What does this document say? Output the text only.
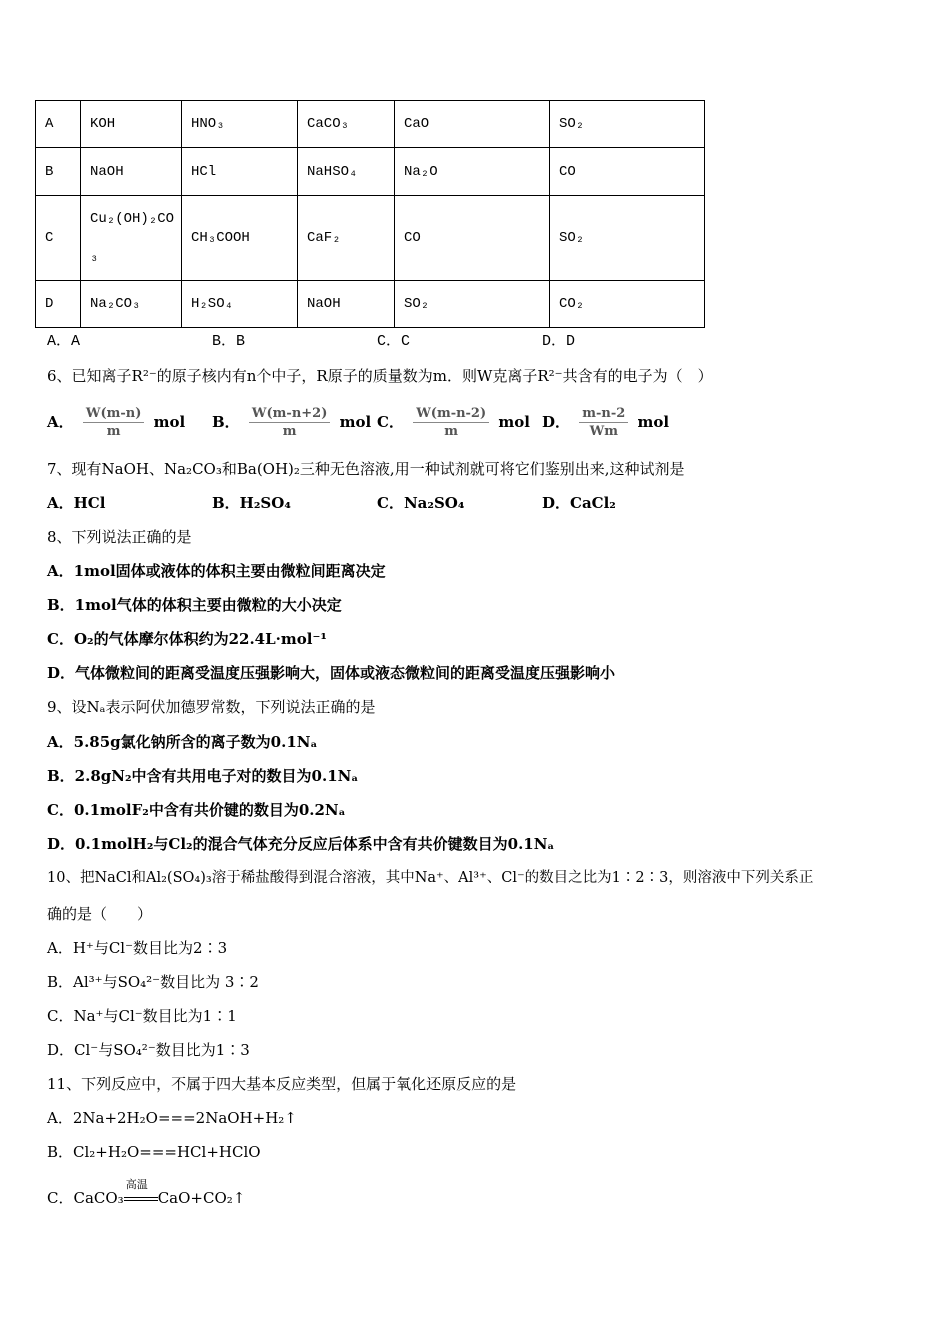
A	KOH	HNO₃	CaCO₃	CaO	SO₂
B	NaOH	HCl	NaHSO₄	Na₂O	CO
C	Cu₂(OH)₂CO₃	CH₃COOH	CaF₂	CO	SO₂
D	Na₂CO₃	H₂SO₄	NaOH	SO₂	CO₂
A．A	B．B	C．C	D．D
6、已知离子R²⁻的原子核内有n个中子，R原子的质量数为m．则W克离子R²⁻共含有的电子为（　）
A． $\frac{W(m-n)}{m}$ mol B． $\frac{W(m-n+2)}{m}$ mol C． $\frac{W(m-n-2)}{m}$ mol D． $\frac{m-n-2}{Wm}$ mol
7、现有NaOH、Na₂CO₃和Ba(OH)₂三种无色溶液,用一种试剂就可将它们鉴别出来,这种试剂是
A．HCl	B．H₂SO₄	C．Na₂SO₄	D．CaCl₂
8、下列说法正确的是
A．1mol固体或液体的体积主要由微粒间距离决定
B．1mol气体的体积主要由微粒的大小决定
C．O₂的气体摩尔体积约为22.4L·mol⁻¹
D．气体微粒间的距离受温度压强影响大，固体或液态微粒间的距离受温度压强影响小
9、设Nₐ表示阿伏加德罗常数，下列说法正确的是
A．5.85g氯化钠所含的离子数为0.1Nₐ
B．2.8gN₂中含有共用电子对的数目为0.1Nₐ
C．0.1molF₂中含有共价键的数目为0.2Nₐ
D．0.1molH₂与Cl₂的混合气体充分反应后体系中含有共价键数目为0.1Nₐ
10、把NaCl和Al₂(SO₄)₃溶于稀盐酸得到混合溶液，其中Na⁺、Al³⁺、Cl⁻的数目之比为1∶2∶3，则溶液中下列关系正
确的是（　　）
A．H⁺与Cl⁻数目比为2∶3
B．Al³⁺与SO₄²⁻数目比为 3∶2
C．Na⁺与Cl⁻数目比为1∶1
D．Cl⁻与SO₄²⁻数目比为1∶3
11、下列反应中，不属于四大基本反应类型，但属于氧化还原反应的是
A．2Na+2H₂O===2NaOH+H₂↑
B．Cl₂+H₂O===HCl+HClO
C．CaCO₃
高温
CaO+CO₂↑
